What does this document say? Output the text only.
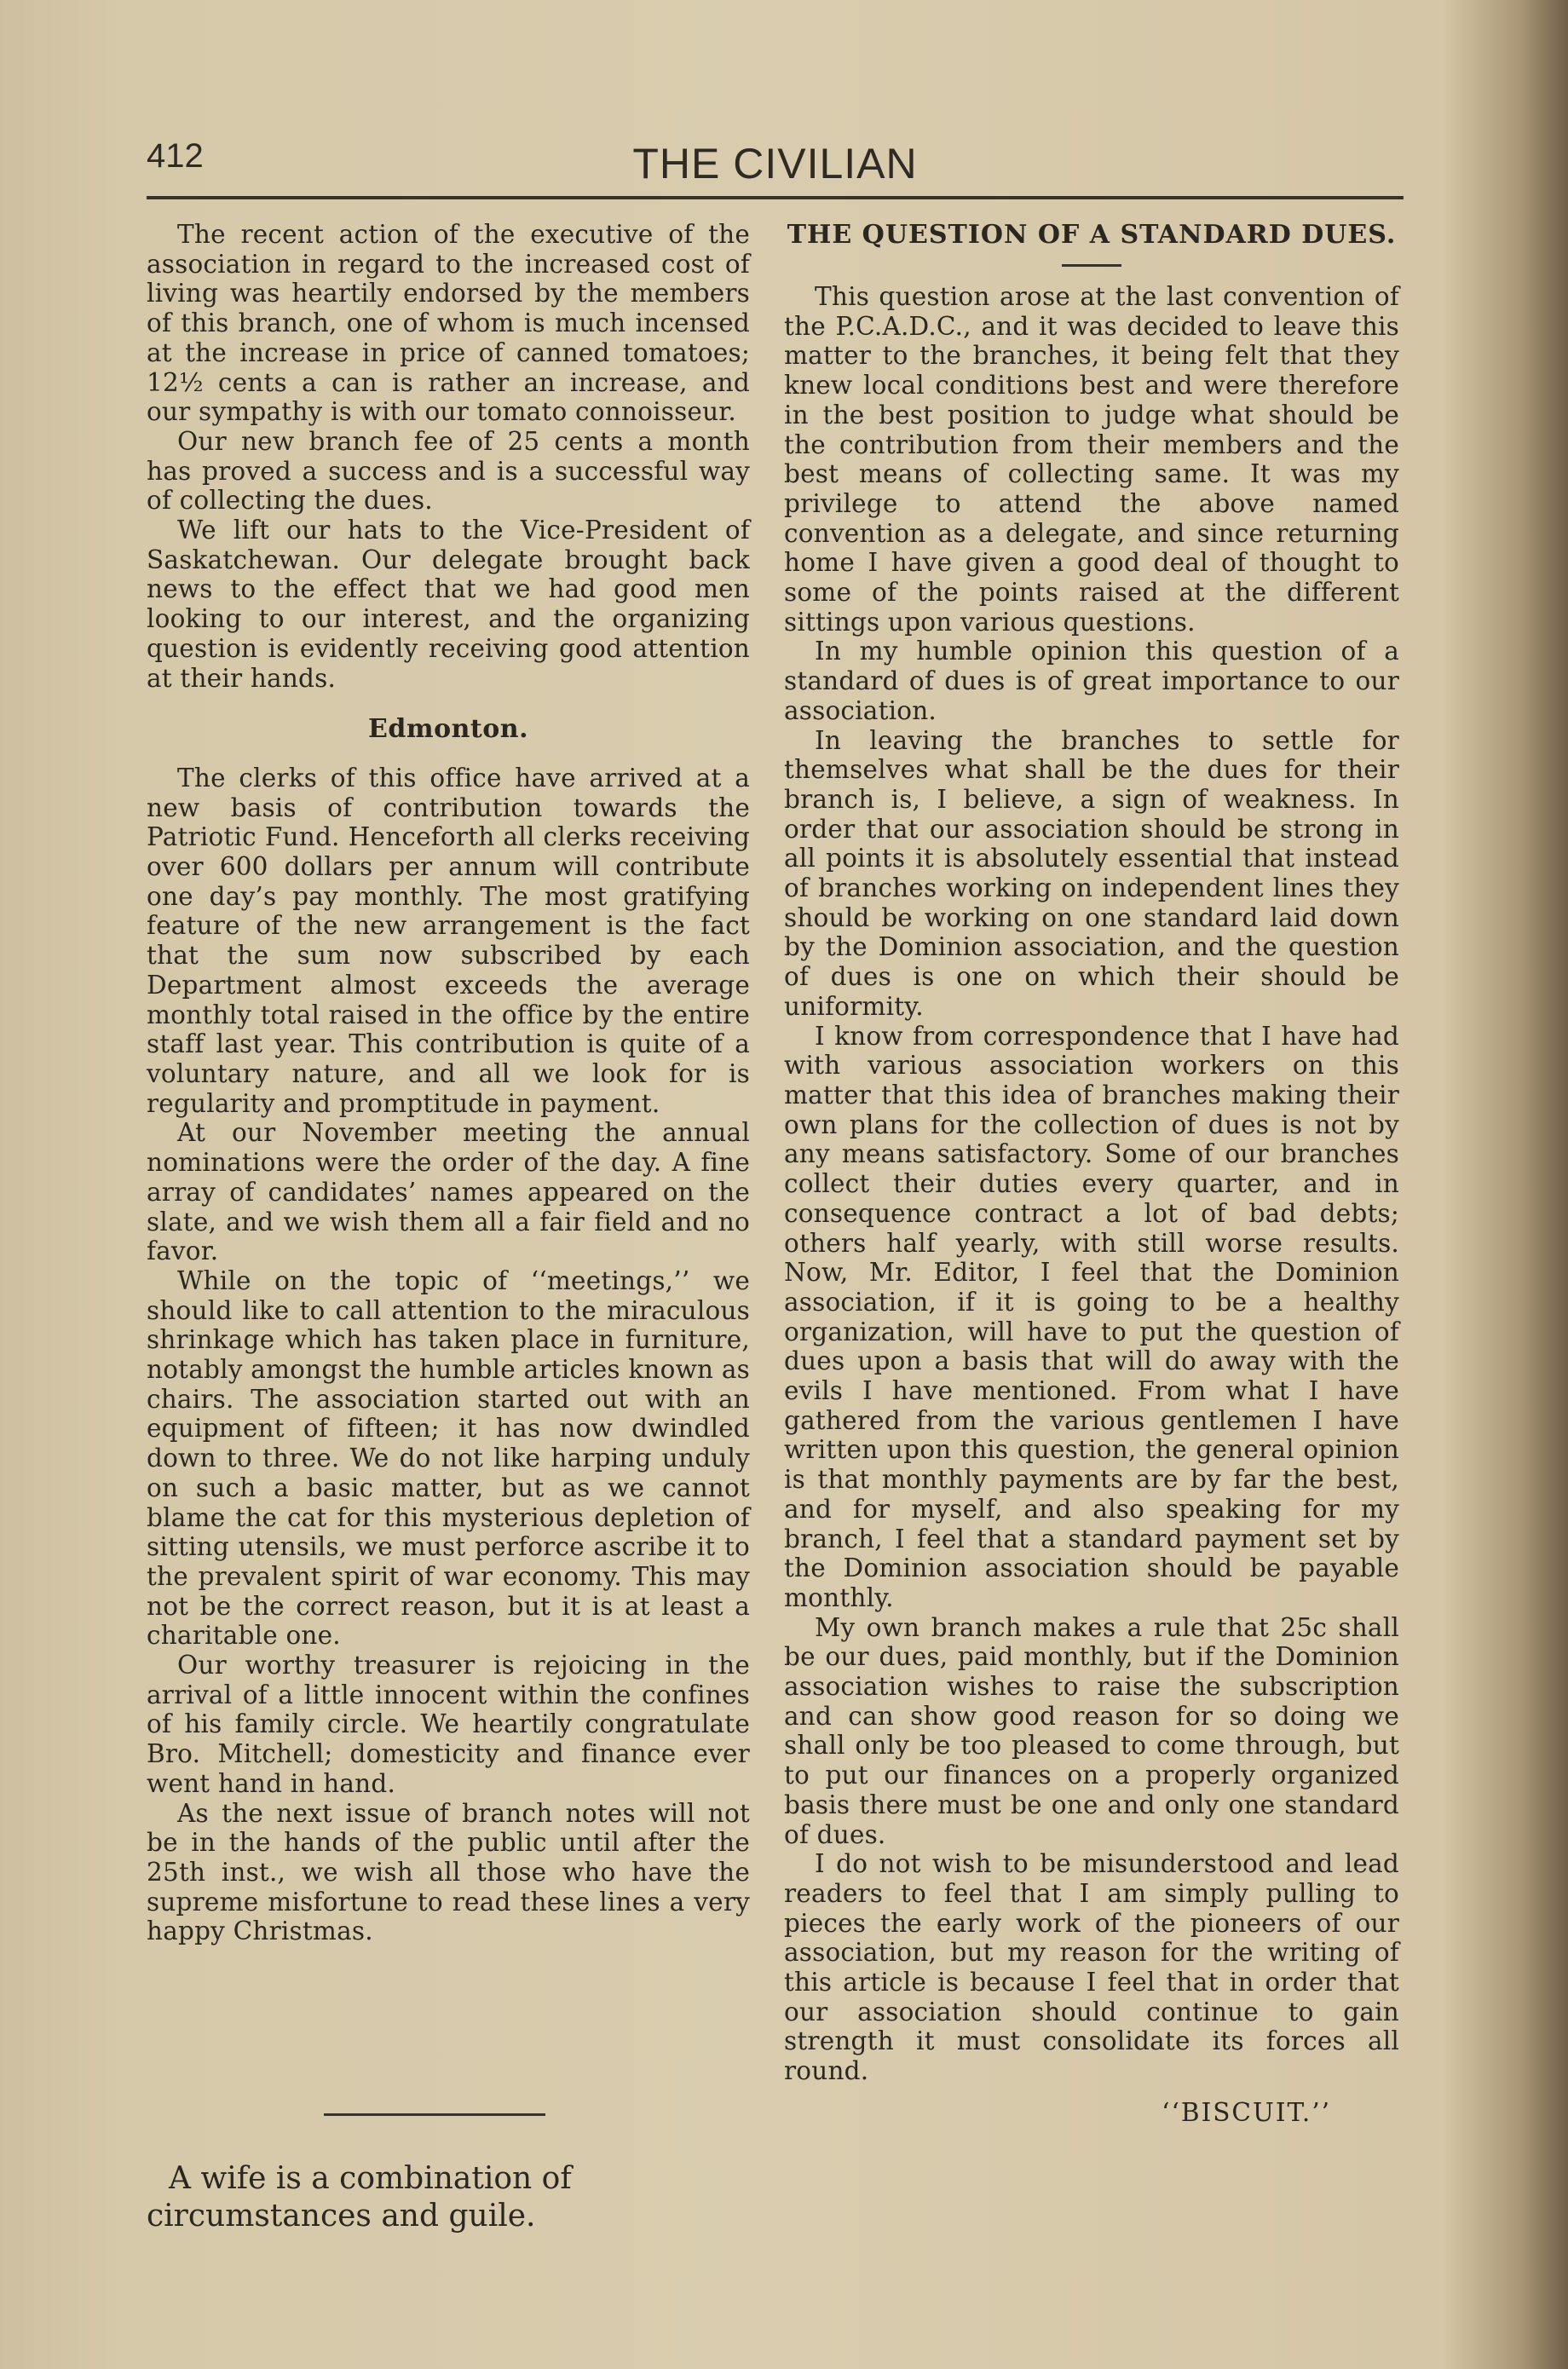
412	THE CIVILIAN

The recent action of the executive of the association in regard to the increased cost of living was heartily endorsed by the members of this branch, one of whom is much incensed at the increase in price of canned tomatoes; 12½ cents a can is rather an increase, and our sympathy is with our tomato connoisseur.

Our new branch fee of 25 cents a month has proved a success and is a successful way of collecting the dues.

We lift our hats to the Vice-President of Saskatchewan. Our delegate brought back news to the effect that we had good men looking to our interest, and the organizing question is evidently receiving good attention at their hands.

Edmonton.

The clerks of this office have arrived at a new basis of contribution towards the Patriotic Fund. Henceforth all clerks receiving over 600 dollars per annum will contribute one day’s pay monthly. The most gratifying feature of the new arrangement is the fact that the sum now subscribed by each Department almost exceeds the average monthly total raised in the office by the entire staff last year. This contribution is quite of a voluntary nature, and all we look for is regularity and promptitude in payment.

At our November meeting the annual nominations were the order of the day. A fine array of candidates’ names appeared on the slate, and we wish them all a fair field and no favor.

While on the topic of ‘‘meetings,’’ we should like to call attention to the miraculous shrinkage which has taken place in furniture, notably amongst the humble articles known as chairs. The association started out with an equipment of fifteen; it has now dwindled down to three. We do not like harping unduly on such a basic matter, but as we cannot blame the cat for this mysterious depletion of sitting utensils, we must perforce ascribe it to the prevalent spirit of war economy. This may not be the correct reason, but it is at least a charitable one.

Our worthy treasurer is rejoicing in the arrival of a little innocent within the confines of his family circle. We heartily congratulate Bro. Mitchell; domesticity and finance ever went hand in hand.

As the next issue of branch notes will not be in the hands of the public until after the 25th inst., we wish all those who have the supreme misfortune to read these lines a very happy Christmas.

A wife is a combination of circumstances and guile.

THE QUESTION OF A STANDARD DUES.

This question arose at the last convention of the P.C.A.D.C., and it was decided to leave this matter to the branches, it being felt that they knew local conditions best and were therefore in the best position to judge what should be the contribution from their members and the best means of collecting same. It was my privilege to attend the above named convention as a delegate, and since returning home I have given a good deal of thought to some of the points raised at the different sittings upon various questions.

In my humble opinion this question of a standard of dues is of great importance to our association.

In leaving the branches to settle for themselves what shall be the dues for their branch is, I believe, a sign of weakness. In order that our association should be strong in all points it is absolutely essential that instead of branches working on independent lines they should be working on one standard laid down by the Dominion association, and the question of dues is one on which their should be uniformity.

I know from correspondence that I have had with various association workers on this matter that this idea of branches making their own plans for the collection of dues is not by any means satisfactory. Some of our branches collect their duties every quarter, and in consequence contract a lot of bad debts; others half yearly, with still worse results. Now, Mr. Editor, I feel that the Dominion association, if it is going to be a healthy organization, will have to put the question of dues upon a basis that will do away with the evils I have mentioned. From what I have gathered from the various gentlemen I have written upon this question, the general opinion is that monthly payments are by far the best, and for myself, and also speaking for my branch, I feel that a standard payment set by the Dominion association should be payable monthly.

My own branch makes a rule that 25c shall be our dues, paid monthly, but if the Dominion association wishes to raise the subscription and can show good reason for so doing we shall only be too pleased to come through, but to put our finances on a properly organized basis there must be one and only one standard of dues.

I do not wish to be misunderstood and lead readers to feel that I am simply pulling to pieces the early work of the pioneers of our association, but my reason for the writing of this article is because I feel that in order that our association should continue to gain strength it must consolidate its forces all round.

‘‘BISCUIT.’’
